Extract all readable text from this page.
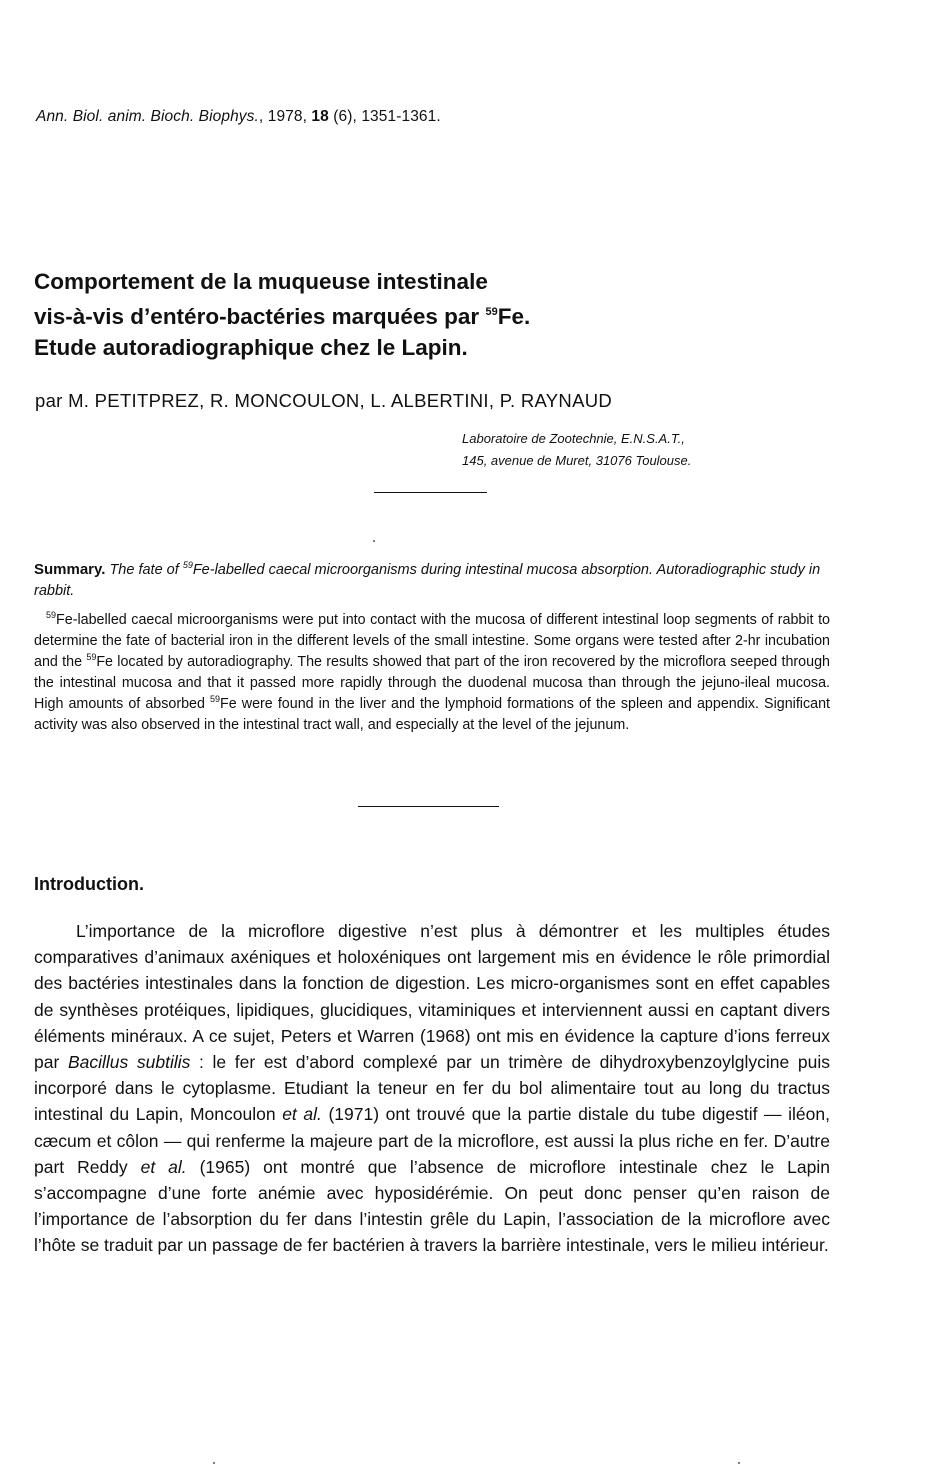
Ann. Biol. anim. Bioch. Biophys., 1978, 18 (6), 1351-1361.
Comportement de la muqueuse intestinale
vis-à-vis d’entéro-bactéries marquées par $^{59}$Fe.
Etude autoradiographique chez le Lapin.
par M. PETITPREZ, R. MONCOULON, L. ALBERTINI, P. RAYNAUD
Laboratoire de Zootechnie, E.N.S.A.T.,
145, avenue de Muret, 31076 Toulouse.
Summary. The fate of $^{59}$Fe-labelled caecal microorganisms during intestinal mucosa absorption. Autoradiographic study in rabbit.
$^{59}$Fe-labelled caecal microorganisms were put into contact with the mucosa of different intestinal loop segments of rabbit to determine the fate of bacterial iron in the different levels of the small intestine. Some organs were tested after 2-hr incubation and the $^{59}$Fe located by autoradiography. The results showed that part of the iron recovered by the microflora seeped through the intestinal mucosa and that it passed more rapidly through the duodenal mucosa than through the jejuno-ileal mucosa. High amounts of absorbed $^{59}$Fe were found in the liver and the lymphoid formations of the spleen and appendix. Significant activity was also observed in the intestinal tract wall, and especially at the level of the jejunum.
Introduction.
L’importance de la microflore digestive n’est plus à démontrer et les multiples études comparatives d’animaux axéniques et holoxéniques ont largement mis en évidence le rôle primordial des bactéries intestinales dans la fonction de digestion. Les micro-organismes sont en effet capables de synthèses protéiques, lipidiques, glucidiques, vitaminiques et interviennent aussi en captant divers éléments minéraux. A ce sujet, Peters et Warren (1968) ont mis en évidence la capture d’ions ferreux par Bacillus subtilis : le fer est d’abord complexé par un trimère de dihydroxybenzoylglycine puis incorporé dans le cytoplasme. Etudiant la teneur en fer du bol alimentaire tout au long du tractus intestinal du Lapin, Moncoulon et al. (1971) ont trouvé que la partie distale du tube digestif — iléon, cæcum et côlon — qui renferme la majeure part de la microflore, est aussi la plus riche en fer. D’autre part Reddy et al. (1965) ont montré que l’absence de microflore intestinale chez le Lapin s’accompagne d’une forte anémie avec hyposidérémie. On peut donc penser qu’en raison de l’importance de l’absorption du fer dans l’intestin grêle du Lapin, l’association de la microflore avec l’hôte se traduit par un passage de fer bactérien à travers la barrière intestinale, vers le milieu intérieur.
